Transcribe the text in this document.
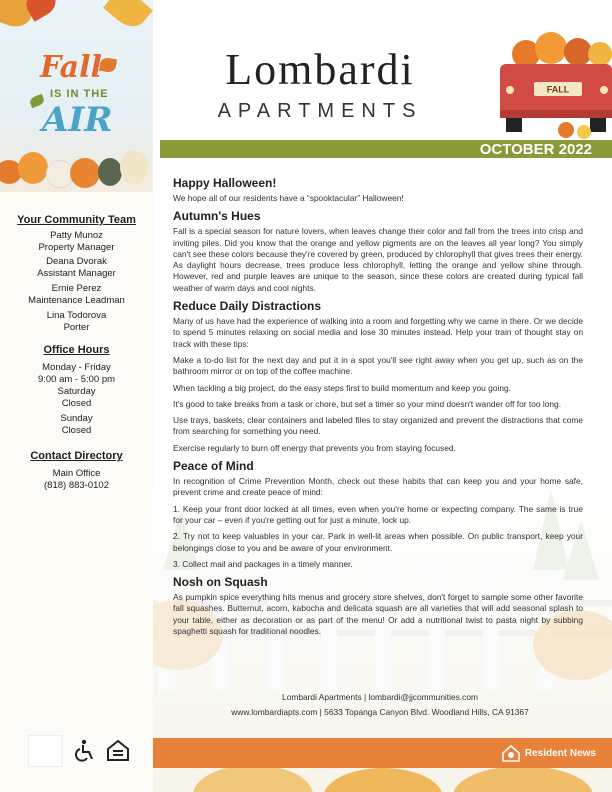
Fall
IS IN THE
AIR
Your Community Team
Patty Munoz
Property Manager
Deana Dvorak
Assistant Manager
Ernie Perez
Maintenance Leadman
Lina Todorova
Porter
Office Hours
Monday - Friday
9:00 am - 5:00 pm
Saturday
Closed
Sunday
Closed
Contact Directory
Main Office
(818) 883-0102
Lombardi
APARTMENTS
FALL
OCTOBER 2022
Happy Halloween!

We hope all of our residents have a “spooktacular” Halloween!

Autumn's Hues

Fall is a special season for nature lovers, when leaves change their color and fall from the trees into crisp and inviting piles. Did you know that the orange and yellow pigments are on the leaves all year long? You simply can't see these colors because they're covered by green, produced by chlorophyll that gives trees their energy. As daylight hours decrease, trees produce less chlorophyll, letting the orange and yellow shine through. However, red and purple leaves are unique to the season, since these colors are created during typical fall weather of warm days and cool nights.

Reduce Daily Distractions

Many of us have had the experience of walking into a room and forgetting why we came in there. Or we decide to spend 5 minutes relaxing on social media and lose 30 minutes instead. Help your train of thought stay on track with these tips:

Make a to-do list for the next day and put it in a spot you'll see right away when you get up, such as on the bathroom mirror or on top of the coffee machine.

When tackling a big project, do the easy steps first to build momentum and keep you going.

It's good to take breaks from a task or chore, but set a timer so your mind doesn't wander off for too long.

Use trays, baskets, clear containers and labeled files to stay organized and prevent the distractions that come from searching for something you need.

Exercise regularly to burn off energy that prevents you from staying focused.

Peace of Mind

In recognition of Crime Prevention Month, check out these habits that can keep you and your home safe, prevent crime and create peace of mind:

1. Keep your front door locked at all times, even when you're home or expecting company. The same is true for your car – even if you're getting out for just a minute, lock up.

2. Try not to keep valuables in your car. Park in well-lit areas when possible. On public transport, keep your belongings close to you and be aware of your environment.

3. Collect mail and packages in a timely manner.

Nosh on Squash

As pumpkin spice everything hits menus and grocery store shelves, don't forget to sample some other favorite fall squashes. Butternut, acorn, kabocha and delicata squash are all varieties that will add seasonal splash to your table, either as decoration or as part of the menu! Or add a nutritional twist to pasta night by subbing spaghetti squash for traditional noodles.

Lombardi Apartments | lombardi@jjcommunities.com
www.lombardiapts.com | 5633 Topanga Canyon Blvd. Woodland Hills, CA 91367
Resident News
